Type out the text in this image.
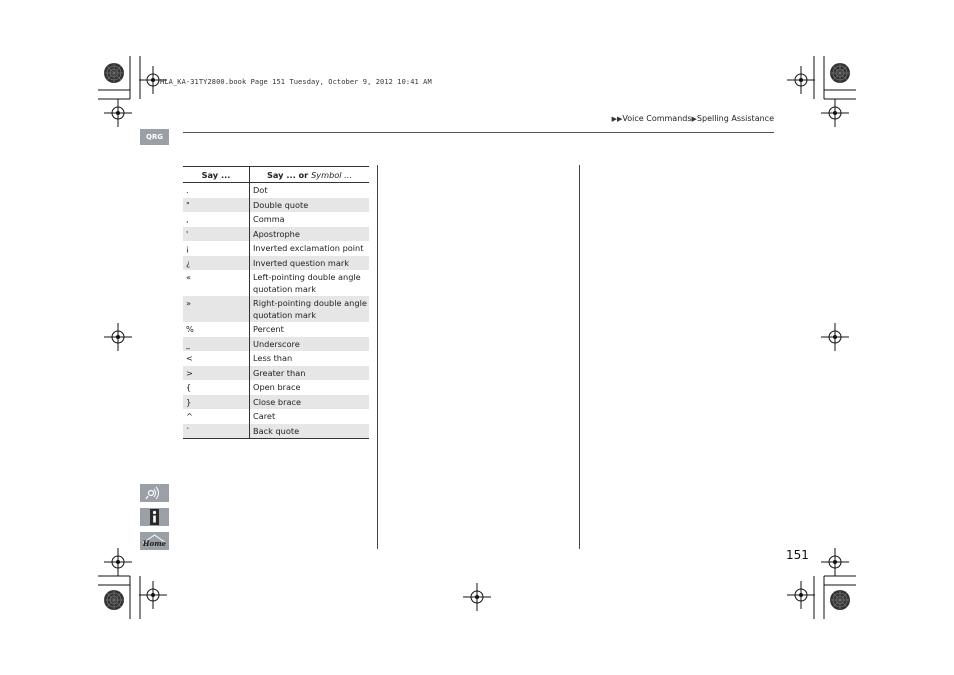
HLA_KA-31TY2800.book Page 151 Tuesday, October 9, 2012 10:41 AM
▶▶Voice Commands▶Spelling Assistance
QRG
Say ...	Say ... or Symbol ...
.	Dot
"	Double quote
,	Comma
'	Apostrophe
¡	Inverted exclamation point
¿	Inverted question mark
«	Left-pointing double angle quotation mark
»	Right-pointing double angle quotation mark
%	Percent
_	Underscore
<	Less than
>	Greater than
{	Open brace
}	Close brace
^	Caret
`	Back quote
Home
151
